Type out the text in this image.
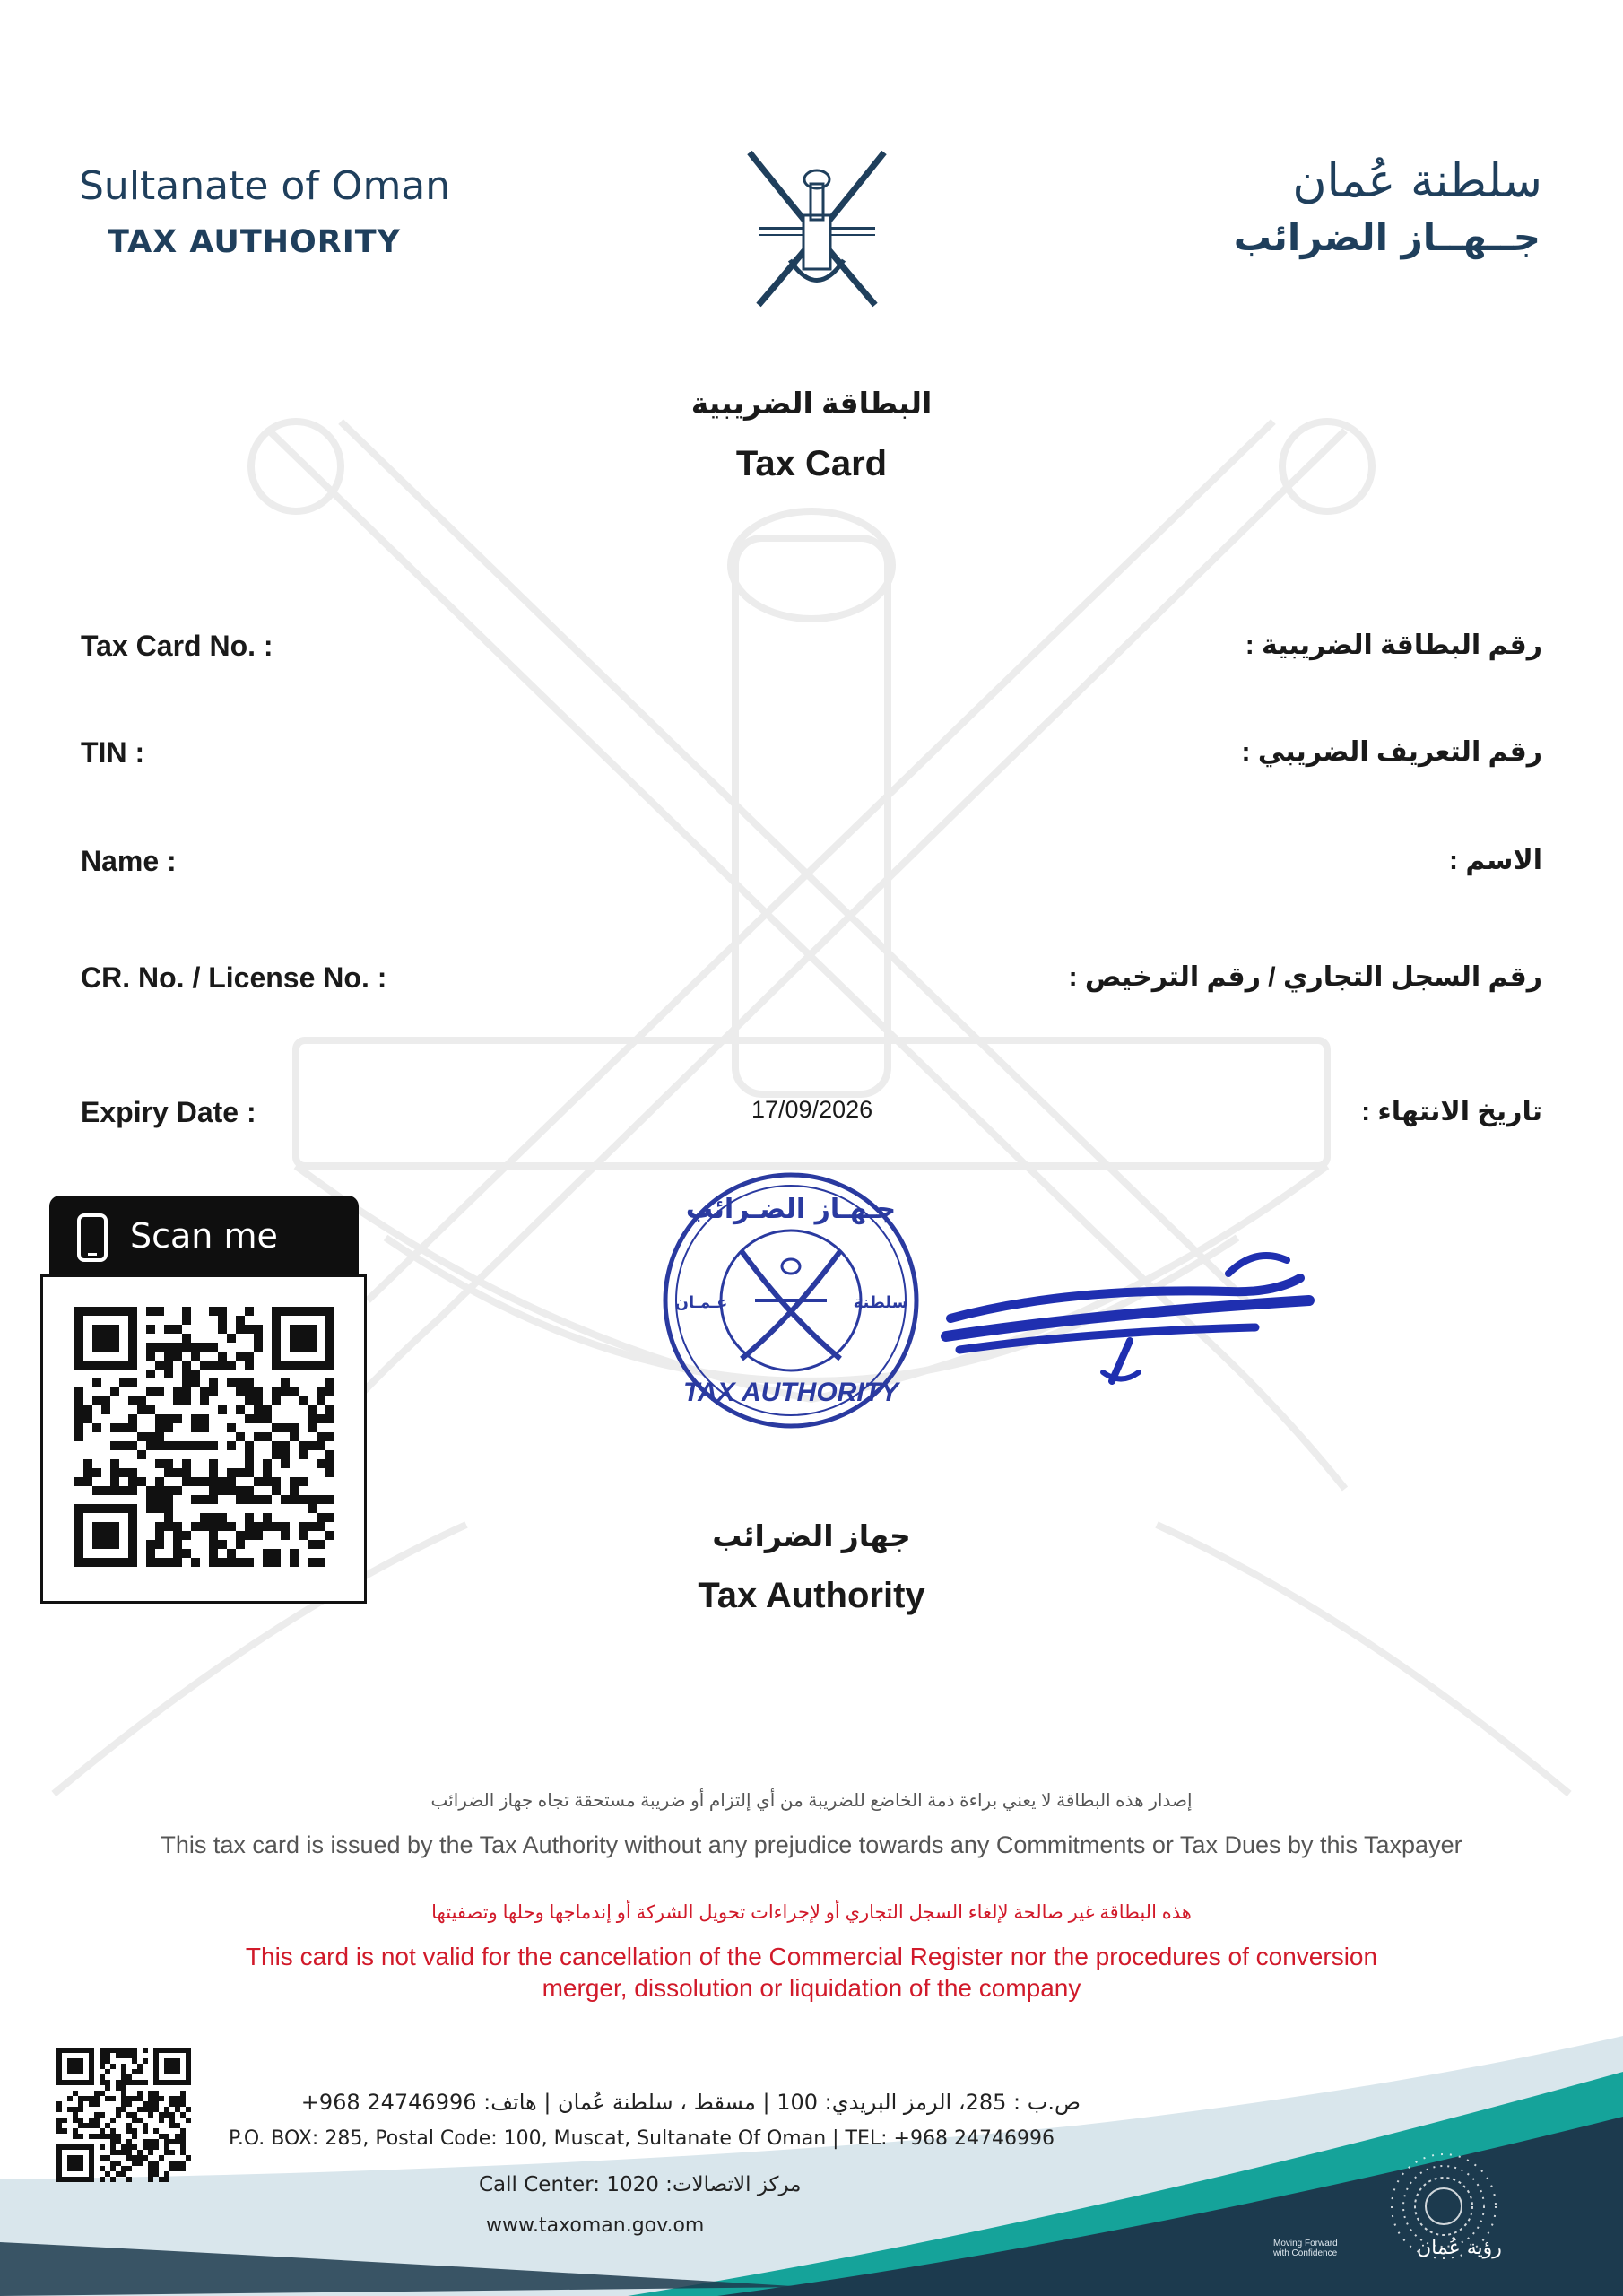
Sultanate of Oman
TAX AUTHORITY
سلطنة عُمان
جــهــاز الضرائب
البطاقة الضريبية
Tax Card
Tax Card No. :	رقم البطاقة الضريبية :
TIN :	رقم التعريف الضريبي :
Name :	الاسم :
CR. No. / License No. :	رقم السجل التجاري / رقم الترخيص :
Expiry Date :	17/09/2026	تاريخ الانتهاء :
Scan me
جـهـاز الضـرائب
سلطنة
غـمـان
TAX AUTHORITY
جهاز الضرائب
Tax Authority
إصدار هذه البطاقة لا يعني براءة ذمة الخاضع للضريبة من أي إلتزام أو ضريبة مستحقة تجاه جهاز الضرائب
This tax card is issued by the Tax Authority without any prejudice towards any Commitments or Tax Dues by this Taxpayer
هذه البطاقة غير صالحة لإلغاء السجل التجاري أو لإجراءات تحويل الشركة أو إندماجها وحلها وتصفيتها
This card is not valid for the cancellation of the Commercial Register nor the procedures of conversion merger, dissolution or liquidation of the company
ص.ب : 285، الرمز البريدي: 100 | مسقط ، سلطنة عُمان | هاتف: 24746996 968+
P.O. BOX: 285, Postal Code: 100, Muscat, Sultanate Of Oman | TEL: +968 24746996
Call Center: 1020 :مركز الاتصالات
www.taxoman.gov.om
رؤية عُمان
Moving Forward with Confidence
